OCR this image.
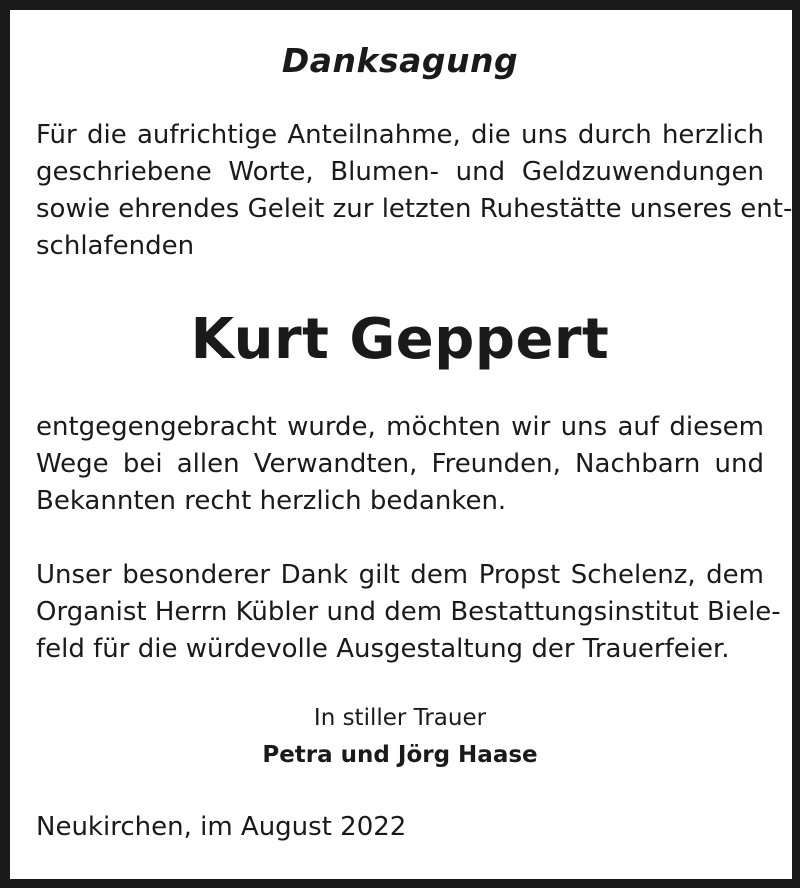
Danksagung

Für die aufrichtige Anteilnahme, die uns durch herzlich

geschriebene Worte, Blumen- und Geldzuwendungen

sowie ehrendes Geleit zur letzten Ruhestätte unseres ent-

schlafenden

Kurt Geppert

entgegengebracht wurde, möchten wir uns auf diesem

Wege bei allen Verwandten, Freunden, Nachbarn und

Bekannten recht herzlich bedanken.

Unser besonderer Dank gilt dem Propst Schelenz, dem

Organist Herrn Kübler und dem Bestattungsinstitut Biele-

feld für die würdevolle Ausgestaltung der Trauerfeier.

In stiller Trauer

Petra und Jörg Haase

Neukirchen, im August 2022
